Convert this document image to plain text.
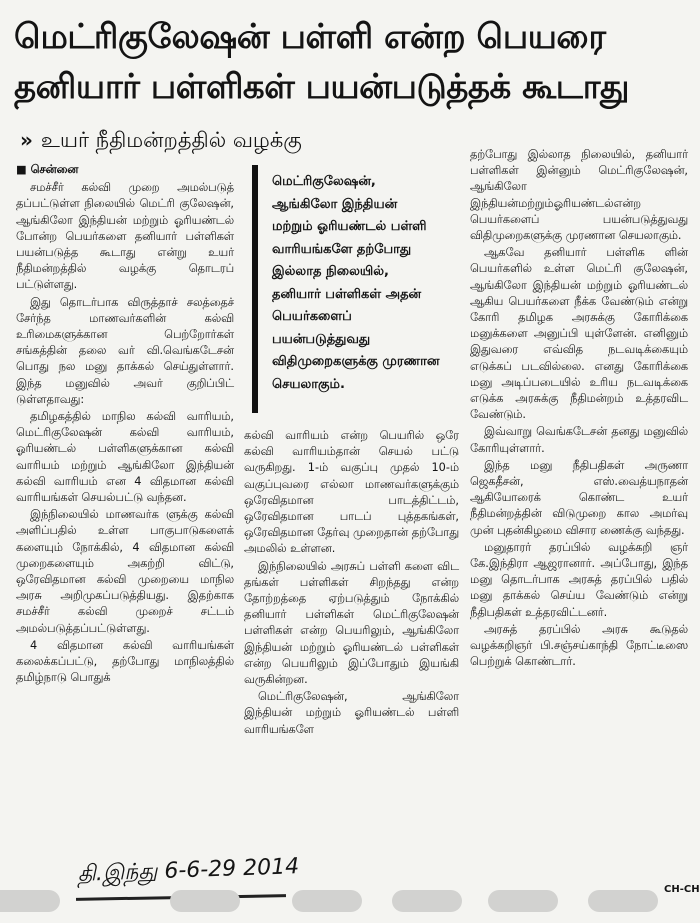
மெட்ரிகுலேஷன் பள்ளி என்ற பெயரை
தனியார் பள்ளிகள் பயன்படுத்தக் கூடாது
» உயர் நீதிமன்றத்தில் வழக்கு
■ சென்னை

சமச்சீர் கல்வி முறை அமல்படுத் தப்பட்டுள்ள நிலையில் மெட்ரி குலேஷன், ஆங்கிலோ இந்தியன் மற்றும் ஓரியண்டல் போன்ற பெயர்களை தனியார் பள்ளிகள் பயன்படுத்த கூடாது என்று உயர் நீதிமன்றத்தில் வழக்கு தொடரப் பட்டுள்ளது.

இது தொடர்பாக விருத்தாச் சலத்தைச் சேர்ந்த மாணவர்களின் கல்வி உரிமைகளுக்கான பெற்றோர்கள் சங்கத்தின் தலை வர் வி.வெங்கடேசன் பொது நல மனு தாக்கல் செய்துள்ளார். இந்த மனுவில் அவர் குறிப்பிட் டுள்ளதாவது:

தமிழகத்தில் மாநில கல்வி வாரியம், மெட்ரிகுலேஷன் கல்வி வாரியம், ஓரியண்டல் பள்ளிகளுக்கான கல்வி வாரியம் மற்றும் ஆங்கிலோ இந்தியன் கல்வி வாரியம் என 4 விதமான கல்வி வாரியங்கள் செயல்பட்டு வந்தன.

இந்நிலையில் மாணவர்க ளுக்கு கல்வி அளிப்பதில் உள்ள பாகுபாடுகளைக் களையும் நோக்கில், 4 விதமான கல்வி முறைகளையும் அகற்றி விட்டு, ஒரேவிதமான கல்வி முறையை மாநில அரசு அறிமுகப்படுத்தியது. இதற்காக சமச்சீர் கல்வி முறைச் சட்டம் அமல்படுத்தப்பட்டுள்ளது.

4 விதமான கல்வி வாரியங்கள் கலைக்கப்பட்டு, தற்போது மாநிலத்தில் தமிழ்நாடு பொதுக்

மெட்ரிகுலேஷன், ஆங்கிலோ இந்தியன் மற்றும் ஓரியண்டல் பள்ளி வாரியங்களே தற்போது இல்லாத நிலையில், தனியார் பள்ளிகள் அதன் பெயர்களைப் பயன்படுத்துவது விதிமுறைகளுக்கு முரணான செயலாகும்.

கல்வி வாரியம் என்ற பெயரில் ஒரே கல்வி வாரியம்தான் செயல் பட்டு வருகிறது. 1-ம் வகுப்பு முதல் 10-ம் வகுப்புவரை எல்லா மாணவர்களுக்கும் ஒரேவிதமான பாடத்திட்டம், ஒரேவிதமான பாடப் புத்தகங்கள், ஒரேவிதமான தேர்வு முறைதான் தற்போது அமலில் உள்ளன.

இந்நிலையில் அரசுப் பள்ளி களை விட தங்கள் பள்ளிகள் சிறந்தது என்ற தோற்றத்தை ஏற்படுத்தும் நோக்கில் தனியார் பள்ளிகள் மெட்ரிகுலேஷன் பள்ளிகள் என்ற பெயரிலும், ஆங்கிலோ இந்தியன் மற்றும் ஓரியண்டல் பள்ளிகள் என்ற பெயரிலும் இப்போதும் இயங்கி வருகின்றன.

மெட்ரிகுலேஷன், ஆங்கிலோ இந்தியன் மற்றும் ஓரியண்டல் பள்ளி வாரியங்களே

தற்போது இல்லாத நிலையில், தனியார் பள்ளிகள் இன்னும் மெட்ரிகுலேஷன், ஆங்கிலோ இந்தியன்மற்றும்ஓரியண்டல்என்ற பெயர்களைப் பயன்படுத்துவது விதிமுறைகளுக்கு முரணான செயலாகும்.

ஆகவே தனியார் பள்ளிக ளின் பெயர்களில் உள்ள மெட்ரி குலேஷன், ஆங்கிலோ இந்தியன் மற்றும் ஓரியண்டல் ஆகிய பெயர்களை நீக்க வேண்டும் என்று கோரி தமிழக அரசுக்கு கோரிக்கை மனுக்களை அனுப்பி யுள்ளேன். எனினும் இதுவரை எவ்வித நடவடிக்கையும் எடுக்கப் படவில்லை. எனது கோரிக்கை மனு அடிப்படையில் உரிய நடவடிக்கை எடுக்க அரசுக்கு நீதிமன்றம் உத்தரவிட வேண்டும்.

இவ்வாறு வெங்கடேசன் தனது மனுவில் கோரியுள்ளார்.

இந்த மனு நீதிபதிகள் அருணா ஜெகதீசன், எஸ்.வைத்யநாதன் ஆகியோரைக் கொண்ட உயர் நீதிமன்றத்தின் விடுமுறை கால அமர்வு முன் புதன்கிழமை விசார ணைக்கு வந்தது.

மனுதாரர் தரப்பில் வழக்கறி ஞர் கே.இந்திரா ஆஜரானார். அப்போது, இந்த மனு தொடர்பாக அரசுத் தரப்பில் பதில் மனு தாக்கல் செய்ய வேண்டும் என்று நீதிபதிகள் உத்தரவிட்டனர்.

அரசுத் தரப்பில் அரசு கூடுதல் வழக்கறிஞர் பி.சஞ்சய்காந்தி நோட்டீஸை பெற்றுக் கொண்டார்.

தி.இந்து 6-6-29 2014
CH-CH
